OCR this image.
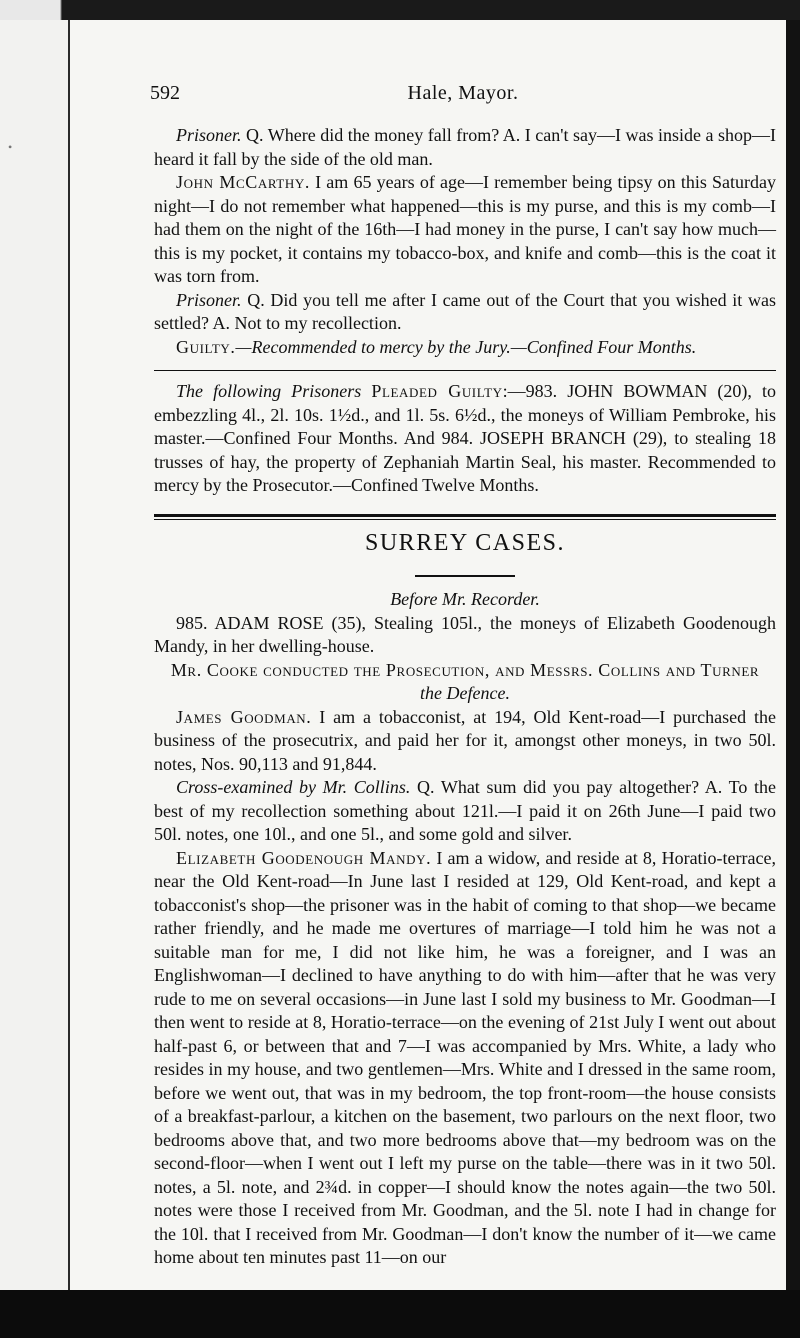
•
Hale, Mayor.
592

Prisoner. Q. Where did the money fall from? A. I can't say—I was inside a shop—I heard it fall by the side of the old man.

John McCarthy. I am 65 years of age—I remember being tipsy on this Saturday night—I do not remember what happened—this is my purse, and this is my comb—I had them on the night of the 16th—I had money in the purse, I can't say how much—this is my pocket, it contains my tobacco-box, and knife and comb—this is the coat it was torn from.

Prisoner. Q. Did you tell me after I came out of the Court that you wished it was settled? A. Not to my recollection.

Guilty.—Recommended to mercy by the Jury.—Confined Four Months.

The following Prisoners Pleaded Guilty:—983. JOHN BOWMAN (20), to embezzling 4l., 2l. 10s. 1½d., and 1l. 5s. 6½d., the moneys of William Pembroke, his master.—Confined Four Months. And 984. JOSEPH BRANCH (29), to stealing 18 trusses of hay, the property of Zephaniah Martin Seal, his master. Recommended to mercy by the Prosecutor.—Confined Twelve Months.

SURREY CASES.

Before Mr. Recorder.

985. ADAM ROSE (35), Stealing 105l., the moneys of Elizabeth Goodenough Mandy, in her dwelling-house.

Mr. Cooke conducted the Prosecution, and Messrs. Collins and Turner
the Defence.

James Goodman. I am a tobacconist, at 194, Old Kent-road—I purchased the business of the prosecutrix, and paid her for it, amongst other moneys, in two 50l. notes, Nos. 90,113 and 91,844.

Cross-examined by Mr. Collins. Q. What sum did you pay altogether? A. To the best of my recollection something about 121l.—I paid it on 26th June—I paid two 50l. notes, one 10l., and one 5l., and some gold and silver.

Elizabeth Goodenough Mandy. I am a widow, and reside at 8, Horatio-terrace, near the Old Kent-road—In June last I resided at 129, Old Kent-road, and kept a tobacconist's shop—the prisoner was in the habit of coming to that shop—we became rather friendly, and he made me overtures of marriage—I told him he was not a suitable man for me, I did not like him, he was a foreigner, and I was an Englishwoman—I declined to have anything to do with him—after that he was very rude to me on several occasions—in June last I sold my business to Mr. Goodman—I then went to reside at 8, Horatio-terrace—on the evening of 21st July I went out about half-past 6, or between that and 7—I was accompanied by Mrs. White, a lady who resides in my house, and two gentlemen—Mrs. White and I dressed in the same room, before we went out, that was in my bedroom, the top front-room—the house consists of a breakfast-parlour, a kitchen on the basement, two parlours on the next floor, two bedrooms above that, and two more bedrooms above that—my bedroom was on the second-floor—when I went out I left my purse on the table—there was in it two 50l. notes, a 5l. note, and 2¾d. in copper—I should know the notes again—the two 50l. notes were those I received from Mr. Goodman, and the 5l. note I had in change for the 10l. that I received from Mr. Goodman—I don't know the number of it—we came home about ten minutes past 11—on our
